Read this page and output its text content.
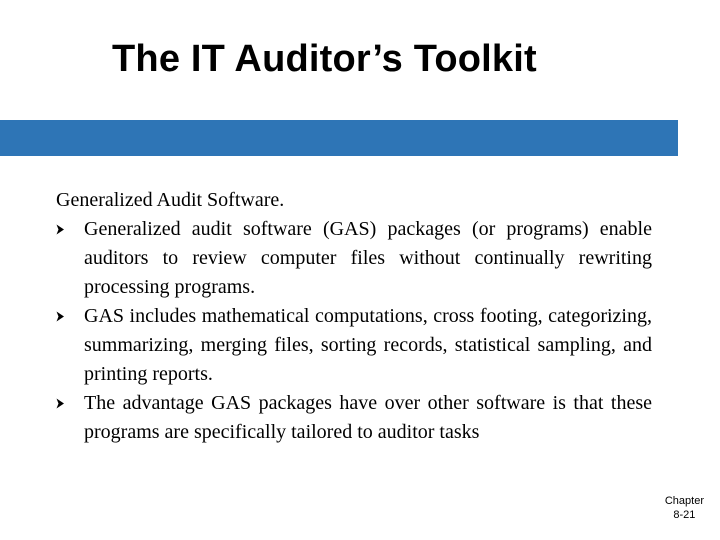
The IT Auditor’s Toolkit

Generalized Audit Software.

Generalized audit software (GAS) packages (or programs) enable auditors to review computer files without continually rewriting processing programs.
GAS includes mathematical computations, cross footing, categorizing, summarizing, merging files, sorting records, statistical sampling, and printing reports.
The advantage GAS packages have over other software is that these programs are specifically tailored to auditor tasks
Chapter
8-21
